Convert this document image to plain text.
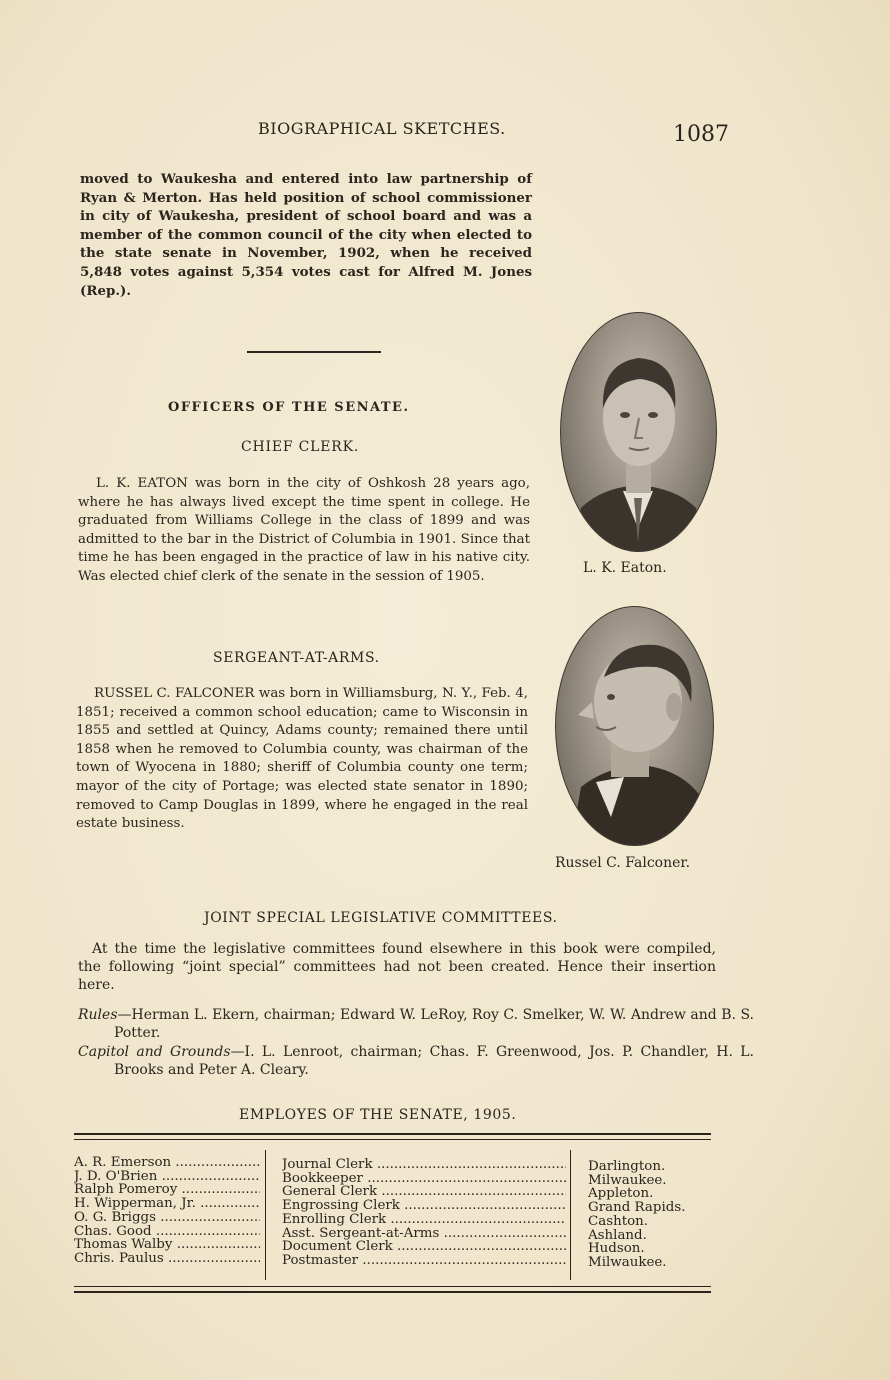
BIOGRAPHICAL SKETCHES.	1087
moved to Waukesha and entered into law partnership of Ryan & Merton. Has held position of school commissioner in city of Waukesha, president of school board and was a member of the common council of the city when elected to the state senate in November, 1902, when he received 5,848 votes against 5,354 votes cast for Alfred M. Jones (Rep.).
OFFICERS OF THE SENATE.
CHIEF CLERK.
L. K. EATON was born in the city of Oshkosh 28 years ago, where he has always lived except the time spent in college. He graduated from Williams College in the class of 1899 and was admitted to the bar in the District of Columbia in 1901. Since that time he has been engaged in the practice of law in his native city. Was elected chief clerk of the senate in the session of 1905.
SERGEANT-AT-ARMS.
RUSSEL C. FALCONER was born in Williamsburg, N. Y., Feb. 4, 1851; received a common school education; came to Wisconsin in 1855 and settled at Quincy, Adams county; remained there until 1858 when he removed to Columbia county, was chairman of the town of Wyocena in 1880; sheriff of Columbia county one term; mayor of the city of Portage; was elected state senator in 1890; removed to Camp Douglas in 1899, where he engaged in the real estate business.
L. K. Eaton.
Russel C. Falconer.
JOINT SPECIAL LEGISLATIVE COMMITTEES.
At the time the legislative committees found elsewhere in this book were compiled, the following “joint special” committees had not been created. Hence their insertion here.
Rules—Herman L. Ekern, chairman; Edward W. LeRoy, Roy C. Smelker, W. W. Andrew and B. S. Potter.
Capitol and Grounds—I. L. Lenroot, chairman; Chas. F. Greenwood, Jos. P. Chandler, H. L. Brooks and Peter A. Cleary.
EMPLOYES OF THE SENATE, 1905.
A. R. Emerson .....
J. D. O'Brien .....
Ralph Pomeroy .....
H. Wipperman, Jr. .....
O. G. Briggs .....
Chas. Good .....
Thomas Walby .....
Chris. Paulus .....
Journal Clerk .....
Bookkeeper .....
General Clerk .....
Engrossing Clerk .....
Enrolling Clerk .....
Asst. Sergeant-at-Arms .....
Document Clerk .....
Postmaster .....
Darlington.
Milwaukee.
Appleton.
Grand Rapids.
Cashton.
Ashland.
Hudson.
Milwaukee.
